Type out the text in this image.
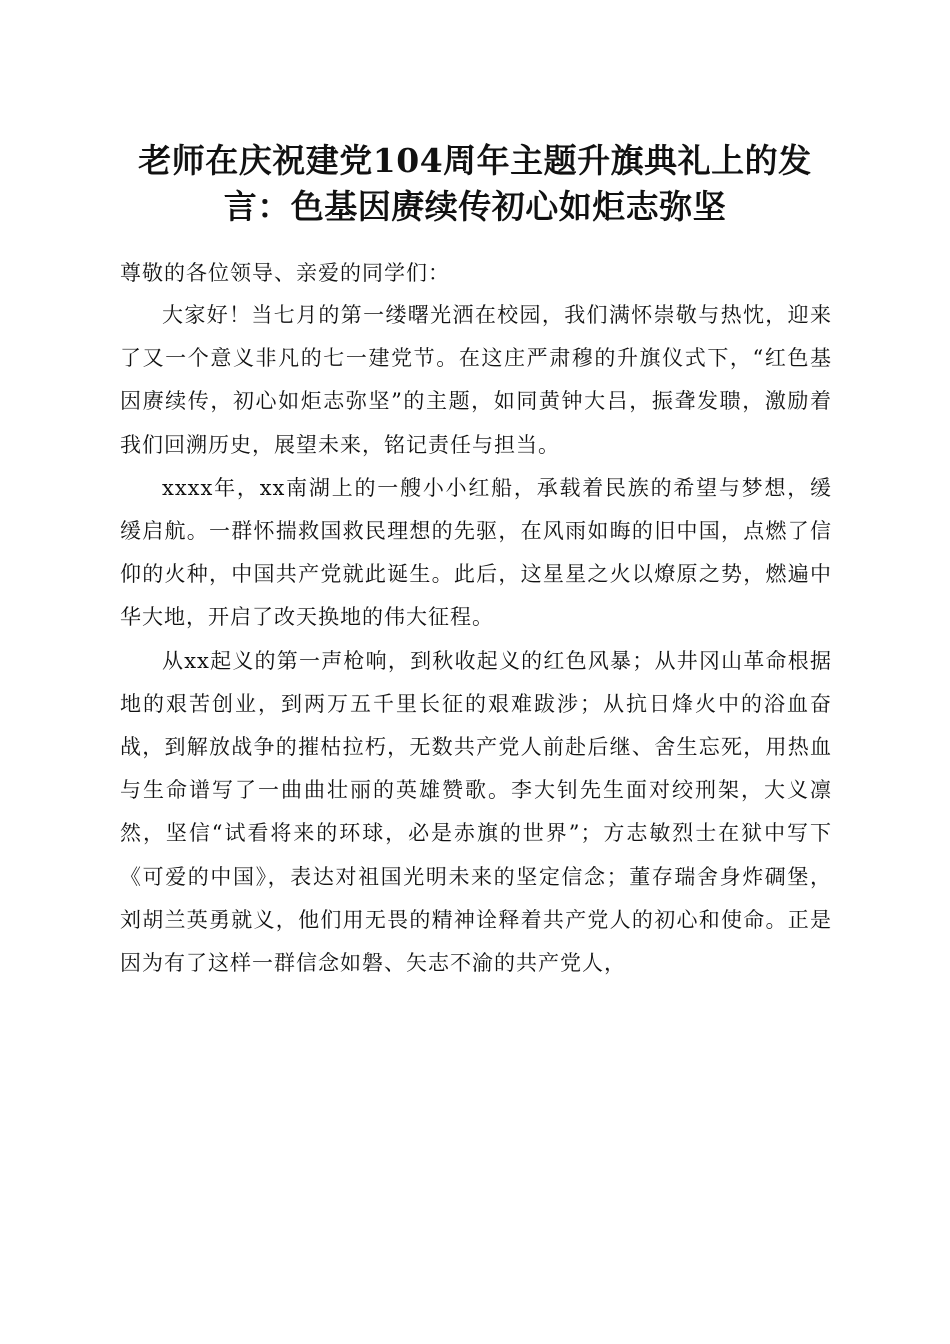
老师在庆祝建党104周年主题升旗典礼上的发言：色基因赓续传初心如炬志弥坚

尊敬的各位领导、亲爱的同学们：

大家好！当七月的第一缕曙光洒在校园，我们满怀崇敬与热忱，迎来了又一个意义非凡的七一建党节。在这庄严肃穆的升旗仪式下，“红色基因赓续传，初心如炬志弥坚”的主题，如同黄钟大吕，振聋发聩，激励着我们回溯历史，展望未来，铭记责任与担当。

xxxx年，xx南湖上的一艘小小红船，承载着民族的希望与梦想，缓缓启航。一群怀揣救国救民理想的先驱，在风雨如晦的旧中国，点燃了信仰的火种，中国共产党就此诞生。此后，这星星之火以燎原之势，燃遍中华大地，开启了改天换地的伟大征程。

从xx起义的第一声枪响，到秋收起义的红色风暴；从井冈山革命根据地的艰苦创业，到两万五千里长征的艰难跋涉；从抗日烽火中的浴血奋战，到解放战争的摧枯拉朽，无数共产党人前赴后继、舍生忘死，用热血与生命谱写了一曲曲壮丽的英雄赞歌。李大钊先生面对绞刑架，大义凛然，坚信“试看将来的环球，必是赤旗的世界”；方志敏烈士在狱中写下《可爱的中国》，表达对祖国光明未来的坚定信念；董存瑞舍身炸碉堡，刘胡兰英勇就义，他们用无畏的精神诠释着共产党人的初心和使命。正是因为有了这样一群信念如磐、矢志不渝的共产党人，
